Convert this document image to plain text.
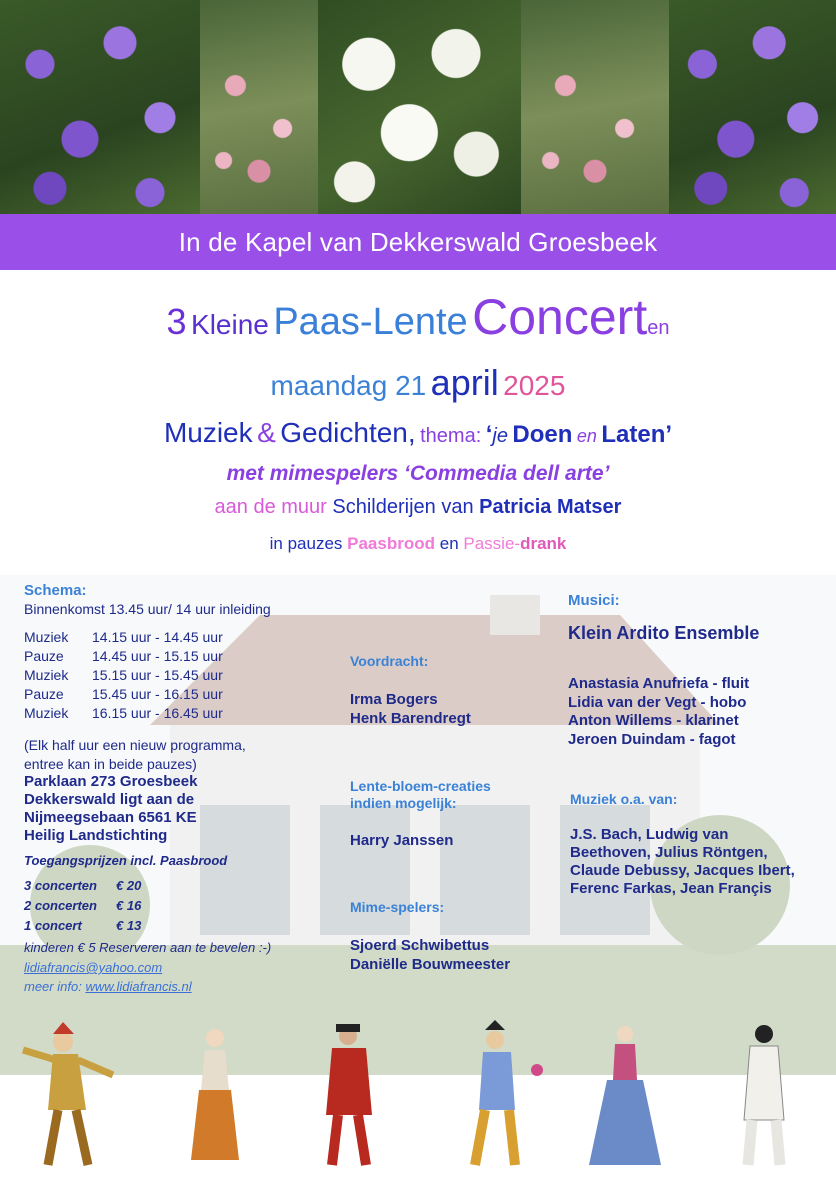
In de Kapel van Dekkerswald Groesbeek
3 Kleine Paas-Lente Concerten
maandag 21 april 2025
Muziek & Gedichten, thema: ‘je Doen en Laten’
met mimespelers ‘Commedia dell arte’
aan de muur Schilderijen van Patricia Matser
in pauzes Paasbrood en Passie-drank
Schema:
Binnenkomst 13.45 uur/ 14 uur inleiding
Muziek
Pauze
Muziek
Pauze
Muziek
14.15 uur - 14.45 uur
14.45 uur - 15.15 uur
15.15 uur - 15.45 uur
15.45 uur - 16.15 uur
16.15 uur - 16.45 uur
(Elk half uur een nieuw programma,
entree kan in beide pauzes)
Parklaan 273 Groesbeek
Dekkerswald ligt aan de
Nijmeegsebaan 6561 KE
Heilig Landstichting
Toegangsprijzen incl. Paasbrood
3 concerten
2 concerten
1 concert
€ 20
€ 16
€ 13
kinderen € 5 Reserveren aan te bevelen :-)
lidiafrancis@yahoo.com
meer info: www.lidiafrancis.nl
Voordracht:
Irma Bogers
Henk Barendregt
Lente-bloem-creaties
indien mogelijk:
Harry Janssen
Mime-spelers:
Sjoerd Schwibettus
Daniëlle Bouwmeester
Musici:
Klein Ardito Ensemble
Anastasia Anufriefa - fluit
Lidia van der Vegt - hobo
Anton Willems - klarinet
Jeroen Duindam - fagot
Muziek o.a. van:
J.S. Bach, Ludwig van
Beethoven, Julius Röntgen,
Claude Debussy, Jacques Ibert,
Ferenc Farkas, Jean Françis
